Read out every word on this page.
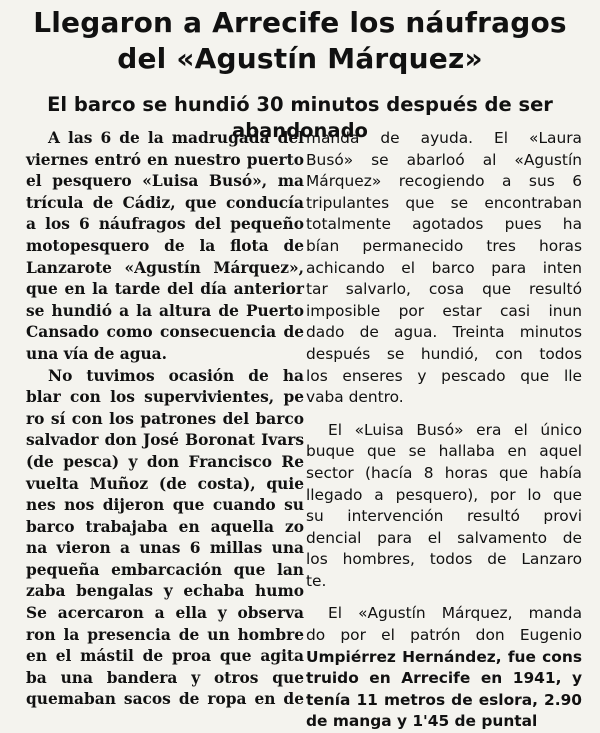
Llegaron a Arrecife los náufragos
del «Agustín Márquez»
El barco se hundió 30 minutos después de ser abandonado

A las 6 de la madrugada del

viernes entró en nuestro puerto

el pesquero «Luisa Busó», ma

trícula de Cádiz, que conducía

a los 6 náufragos del pequeño

motopesquero de la flota de

Lanzarote «Agustín Márquez»,

que en la tarde del día anterior

se hundió a la altura de Puerto

Cansado como consecuencia de

una vía de agua.

No tuvimos ocasión de ha

blar con los supervivientes, pe

ro sí con los patrones del barco

salvador don José Boronat Ivars

(de pesca) y don Francisco Re

vuelta Muñoz (de costa), quie

nes nos dijeron que cuando su

barco trabajaba en aquella zo

na vieron a unas 6 millas una

pequeña embarcación que lan

zaba bengalas y echaba humo

Se acercaron a ella y observa

ron la presencia de un hombre

en el mástil de proa que agita

ba una bandera y otros que

quemaban sacos de ropa en de

manda de ayuda. El «Laura

Busó» se abarloó al «Agustín

Márquez» recogiendo a sus 6

tripulantes que se encontraban

totalmente agotados pues ha

bían permanecido tres horas

achicando el barco para inten

tar salvarlo, cosa que resultó

imposible por estar casi inun

dado de agua. Treinta minutos

después se hundió, con todos

los enseres y pescado que lle

vaba dentro.

El «Luisa Busó» era el único

buque que se hallaba en aquel

sector (hacía 8 horas que había

llegado a pesquero), por lo que

su intervención resultó provi

dencial para el salvamento de

los hombres, todos de Lanzaro

te.

El «Agustín Márquez, manda

do por el patrón don Eugenio

Umpiérrez Hernández, fue cons

truido en Arrecife en 1941, y

tenía 11 metros de eslora, 2.90

de manga y 1'45 de puntal
